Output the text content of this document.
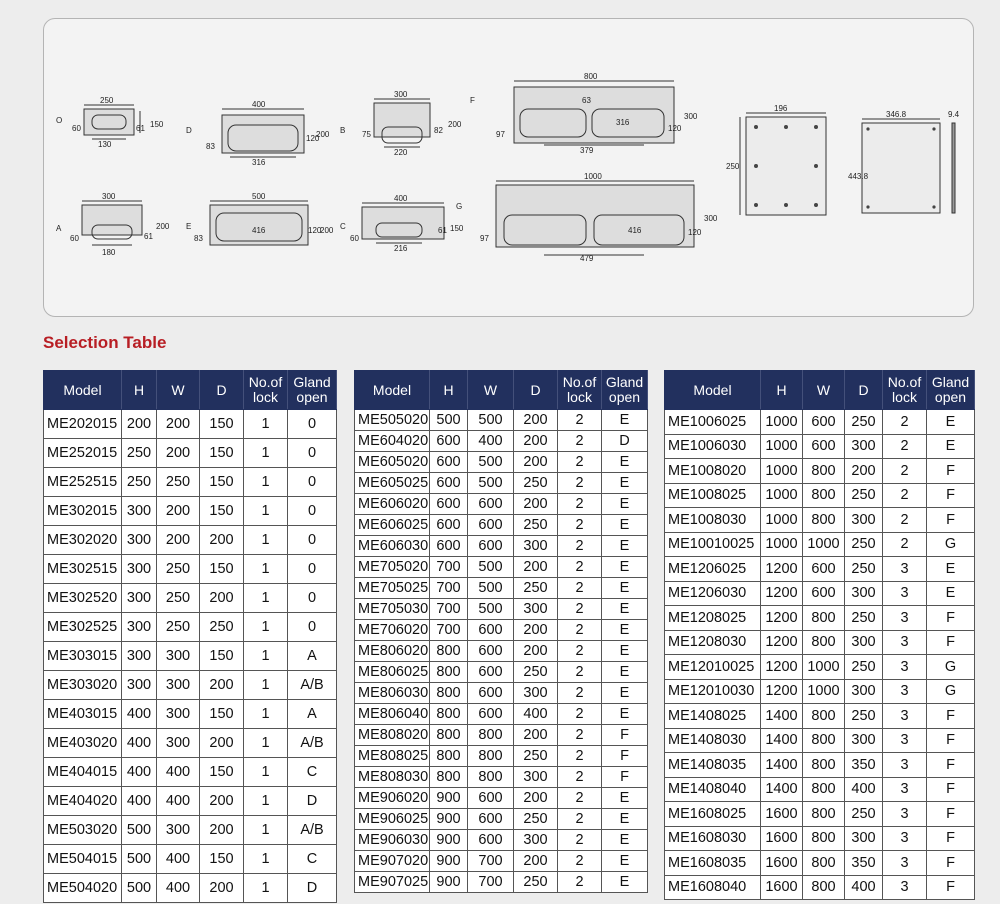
O
250
130
60	61 150
A
300
180
60	61
200
D
400
316
83
120
200
E
500
416
83
120
200
B
300
220
75	82
200
C
400
216
60
61 150
F
800
63
316
379
97
120
300
G
1000
416
479
97
120
300
196
250
346.8
443.8
9.4
Selection Table
Model	H	W	D	No.of
lock	Gland
open
ME202015	200	200	150	1	0
ME252015	250	200	150	1	0
ME252515	250	250	150	1	0
ME302015	300	200	150	1	0
ME302020	300	200	200	1	0
ME302515	300	250	150	1	0
ME302520	300	250	200	1	0
ME302525	300	250	250	1	0
ME303015	300	300	150	1	A
ME303020	300	300	200	1	A/B
ME403015	400	300	150	1	A
ME403020	400	300	200	1	A/B
ME404015	400	400	150	1	C
ME404020	400	400	200	1	D
ME503020	500	300	200	1	A/B
ME504015	500	400	150	1	C
ME504020	500	400	200	1	D
Model	H	W	D	No.of
lock	Gland
open
ME505020	500	500	200	2	E
ME604020	600	400	200	2	D
ME605020	600	500	200	2	E
ME605025	600	500	250	2	E
ME606020	600	600	200	2	E
ME606025	600	600	250	2	E
ME606030	600	600	300	2	E
ME705020	700	500	200	2	E
ME705025	700	500	250	2	E
ME705030	700	500	300	2	E
ME706020	700	600	200	2	E
ME806020	800	600	200	2	E
ME806025	800	600	250	2	E
ME806030	800	600	300	2	E
ME806040	800	600	400	2	E
ME808020	800	800	200	2	F
ME808025	800	800	250	2	F
ME808030	800	800	300	2	F
ME906020	900	600	200	2	E
ME906025	900	600	250	2	E
ME906030	900	600	300	2	E
ME907020	900	700	200	2	E
ME907025	900	700	250	2	E
Model	H	W	D	No.of
lock	Gland
open
ME1006025	1000	600	250	2	E
ME1006030	1000	600	300	2	E
ME1008020	1000	800	200	2	F
ME1008025	1000	800	250	2	F
ME1008030	1000	800	300	2	F
ME10010025	1000	1000	250	2	G
ME1206025	1200	600	250	3	E
ME1206030	1200	600	300	3	E
ME1208025	1200	800	250	3	F
ME1208030	1200	800	300	3	F
ME12010025	1200	1000	250	3	G
ME12010030	1200	1000	300	3	G
ME1408025	1400	800	250	3	F
ME1408030	1400	800	300	3	F
ME1408035	1400	800	350	3	F
ME1408040	1400	800	400	3	F
ME1608025	1600	800	250	3	F
ME1608030	1600	800	300	3	F
ME1608035	1600	800	350	3	F
ME1608040	1600	800	400	3	F
